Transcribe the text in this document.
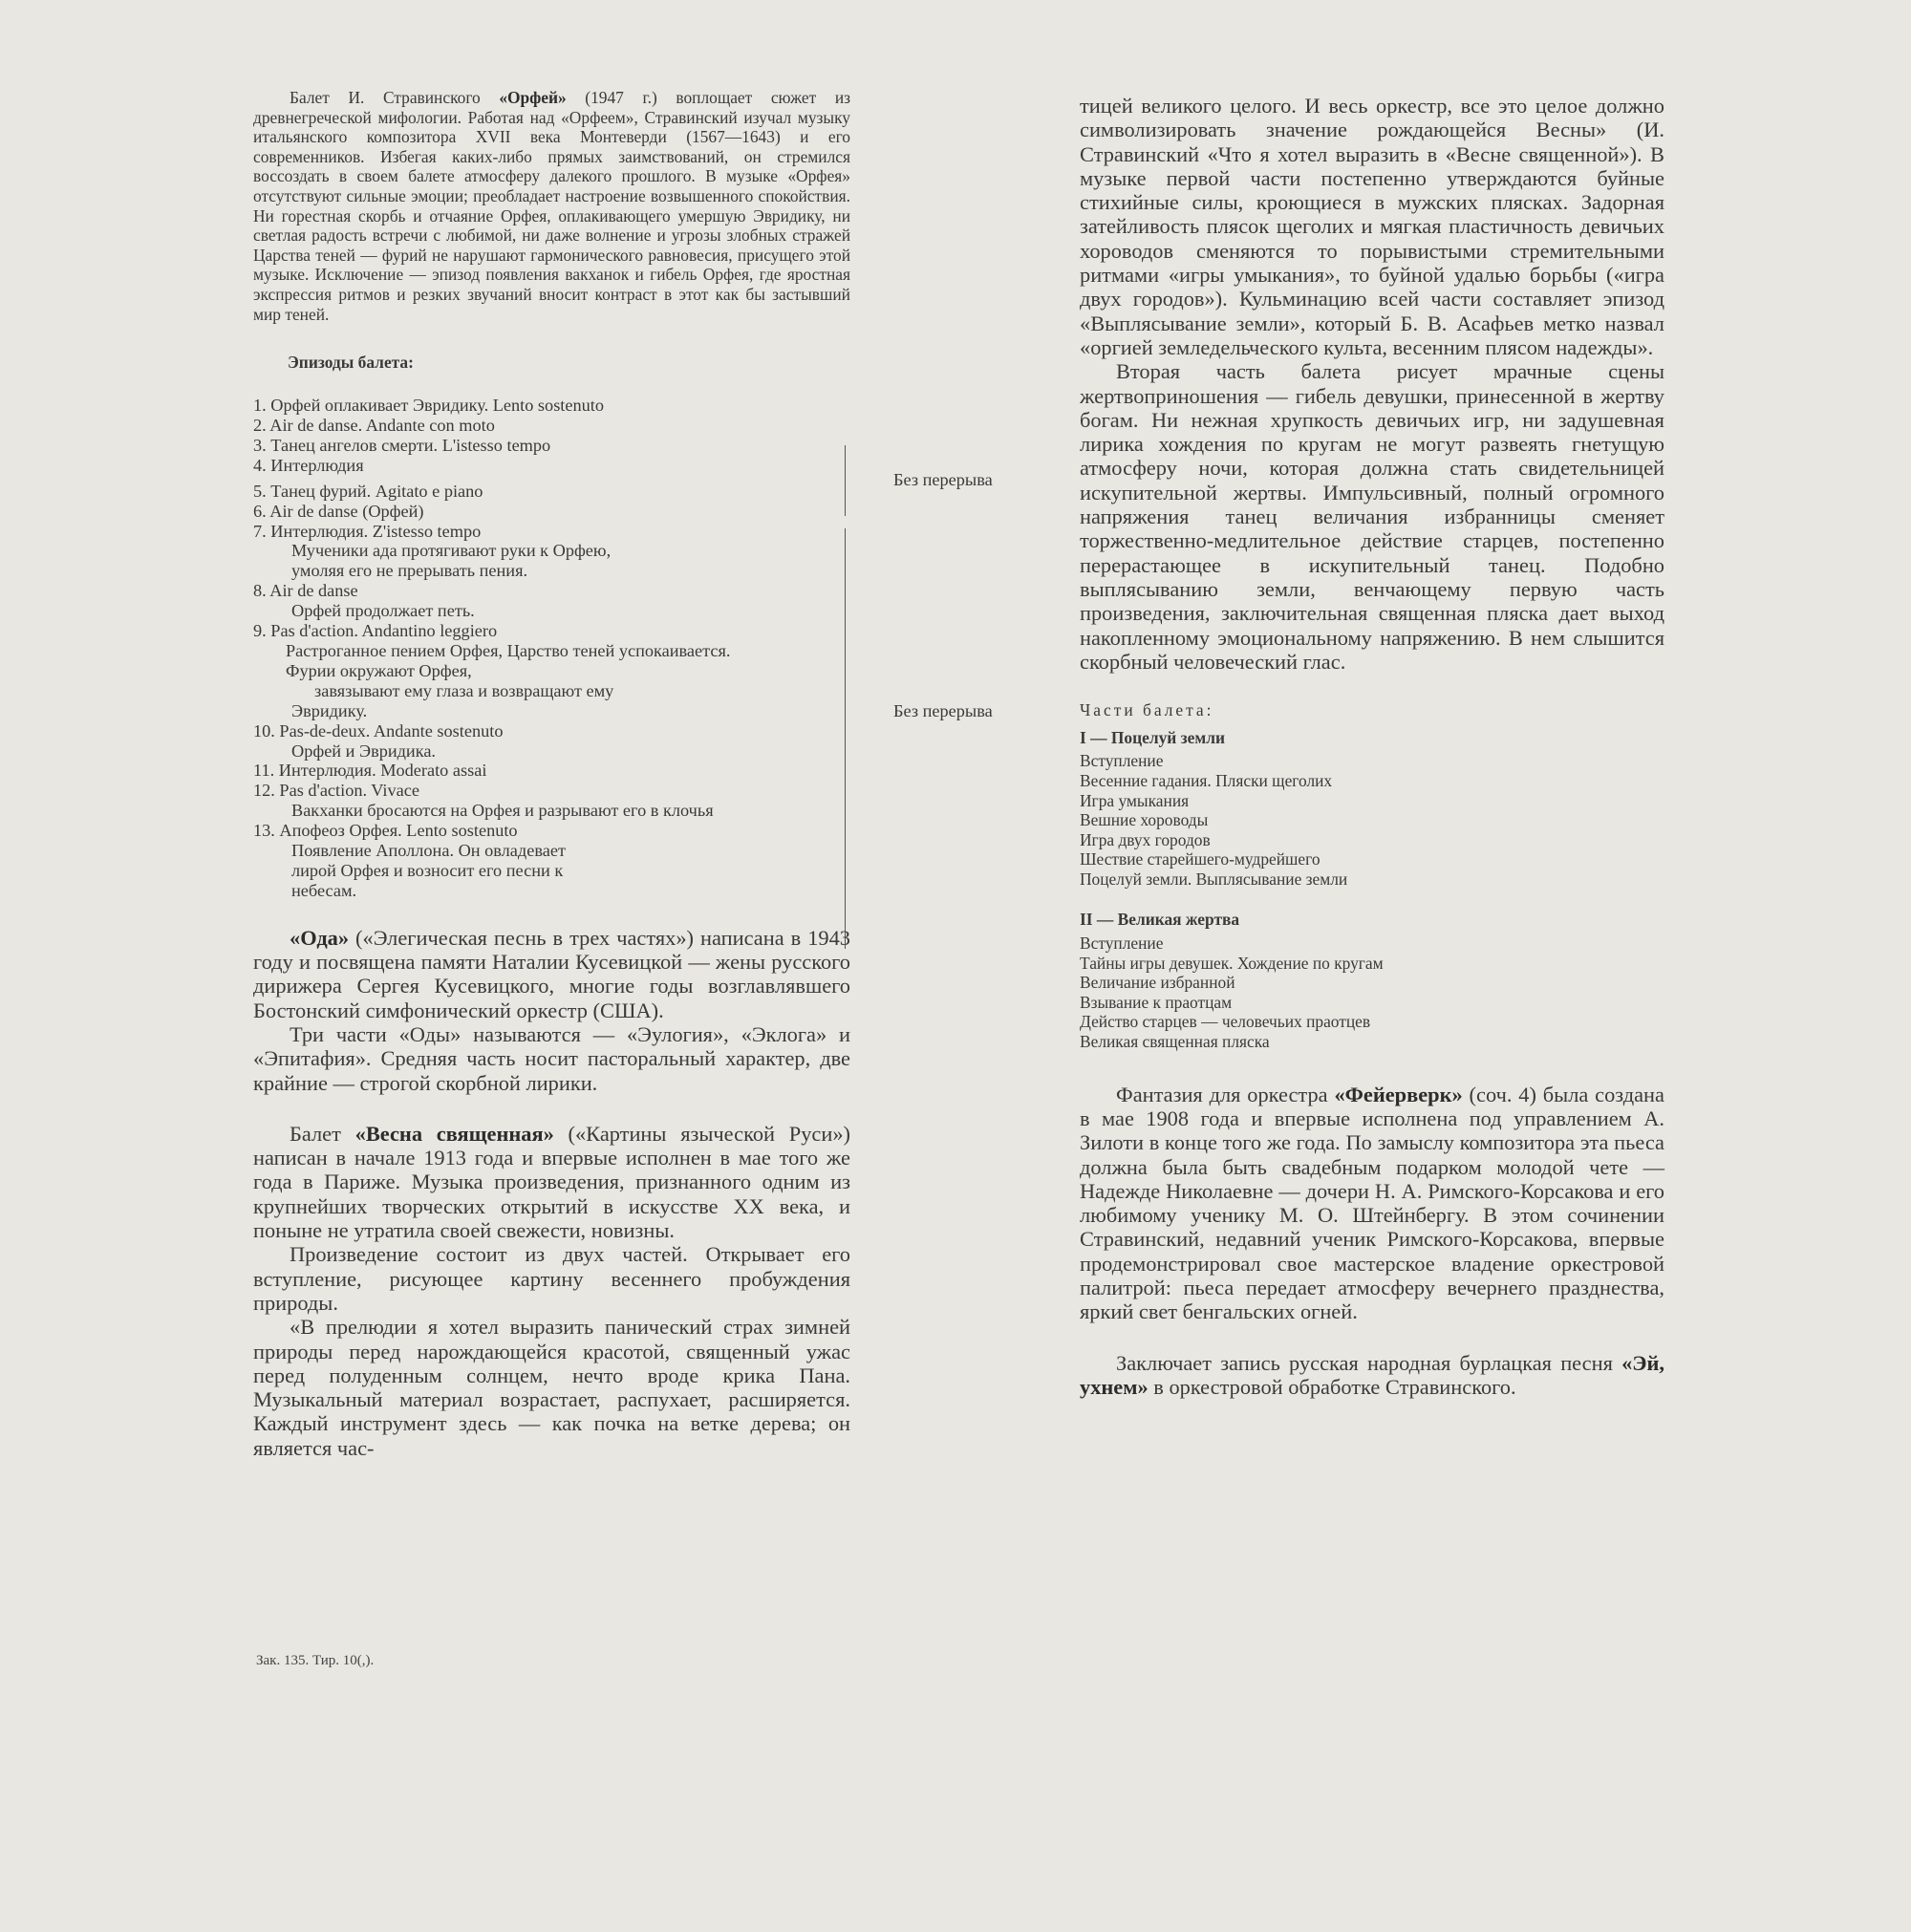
Балет И. Стравинского «Орфей» (1947 г.) воплощает сюжет из древнегреческой мифологии. Работая над «Орфеем», Стравинский изучал музыку итальянского композитора XVII века Монтеверди (1567—1643) и его современников. Избегая каких-либо прямых заимствований, он стремился воссоздать в своем балете атмосферу далекого прошлого. В музыке «Орфея» отсутствуют сильные эмоции; преобладает настроение возвышенного спокойствия. Ни горестная скорбь и отчаяние Орфея, оплакивающего умершую Эвридику, ни светлая радость встречи с любимой, ни даже волнение и угрозы злобных стражей Царства теней — фурий не нарушают гармонического равновесия, присущего этой музыке. Исключение — эпизод появления вакханок и гибель Орфея, где яростная экспрессия ритмов и резких звучаний вносит контраст в этот как бы застывший мир теней.

Эпизоды балета:

1. Орфей оплакивает Эвридику. Lento sostenuto
2. Air de danse. Andante con moto
3. Танец ангелов смерти. L'istesso tempo
4. Интерлюдия
5. Танец фурий. Agitato e piano
6. Air de danse (Орфей)
7. Интерлюдия. Z'istesso tempo
Мученики ада протягивают руки к Орфею,
умоляя его не прерывать пения.
8. Air de danse
Орфей продолжает петь.
9. Pas d'action. Andantino leggiero
Растроганное пением Орфея, Царство теней успокаивается.
Фурии окружают Орфея,
завязывают ему глаза и возвращают ему
Эвридику.
10. Pas-de-deux. Andante sostenuto
Орфей и Эвридика.
11. Интерлюдия. Moderato assai
12. Pas d'action. Vivace
Вакханки бросаются на Орфея и разрывают его в клочья
13. Апофеоз Орфея. Lento sostenuto
Появление Аполлона. Он овладевает
лирой Орфея и возносит его песни к
небесам.

«Ода» («Элегическая песнь в трех частях») написана в 1943 году и посвящена памяти Наталии Кусевицкой — жены русского дирижера Сергея Кусевицкого, многие годы возглавлявшего Бостонский симфонический оркестр (США).

Три части «Оды» называются — «Эулогия», «Эклога» и «Эпитафия». Средняя часть носит пасторальный характер, две крайние — строгой скорбной лирики.

Балет «Весна священная» («Картины языческой Руси») написан в начале 1913 года и впервые исполнен в мае того же года в Париже. Музыка произведения, признанного одним из крупнейших творческих открытий в искусстве XX века, и поныне не утратила своей свежести, новизны.

Произведение состоит из двух частей. Открывает его вступление, рисующее картину весеннего пробуждения природы.

«В прелюдии я хотел выразить панический страх зимней природы перед нарождающейся красотой, священный ужас перед полуденным солнцем, нечто вроде крика Пана. Музыкальный материал возрастает, распухает, расширяется. Каждый инструмент здесь — как почка на ветке дерева; он является час-

Без перерыва
Без перерыва

тицей великого целого. И весь оркестр, все это целое должно символизировать значение рождающейся Весны» (И. Стравинский «Что я хотел выразить в «Весне священной»). В музыке первой части постепенно утверждаются буйные стихийные силы, кроющиеся в мужских плясках. Задорная затейливость плясок щеголих и мягкая пластичность девичьих хороводов сменяются то порывистыми стремительными ритмами «игры умыкания», то буйной удалью борьбы («игра двух городов»). Кульминацию всей части составляет эпизод «Выплясывание земли», который Б. В. Асафьев метко назвал «оргией земледельческого культа, весенним плясом надежды».

Вторая часть балета рисует мрачные сцены жертвоприношения — гибель девушки, принесенной в жертву богам. Ни нежная хрупкость девичьих игр, ни задушевная лирика хождения по кругам не могут развеять гнетущую атмосферу ночи, которая должна стать свидетельницей искупительной жертвы. Импульсивный, полный огромного напряжения танец величания избранницы сменяет торжественно-медлительное действие старцев, постепенно перерастающее в искупительный танец. Подобно выплясыванию земли, венчающему первую часть произведения, заключительная священная пляска дает выход накопленному эмоциональному напряжению. В нем слышится скорбный человеческий глас.

Части балета:
I — Поцелуй земли
Вступление
Весенние гадания. Пляски щеголих
Игра умыкания
Вешние хороводы
Игра двух городов
Шествие старейшего-мудрейшего
Поцелуй земли. Выплясывание земли
II — Великая жертва
Вступление
Тайны игры девушек. Хождение по кругам
Величание избранной
Взывание к праотцам
Действо старцев — человечьих праотцев
Великая священная пляска

Фантазия для оркестра «Фейерверк» (соч. 4) была создана в мае 1908 года и впервые исполнена под управлением А. Зилоти в конце того же года. По замыслу композитора эта пьеса должна была быть свадебным подарком молодой чете — Надежде Николаевне — дочери Н. А. Римского-Корсакова и его любимому ученику М. О. Штейнбергу. В этом сочинении Стравинский, недавний ученик Римского-Корсакова, впервые продемонстрировал свое мастерское владение оркестровой палитрой: пьеса передает атмосферу вечернего празднества, яркий свет бенгальских огней.

Заключает запись русская народная бурлацкая песня «Эй, ухнем» в оркестровой обработке Стравинского.

Зак. 135. Тир. 10(,).
